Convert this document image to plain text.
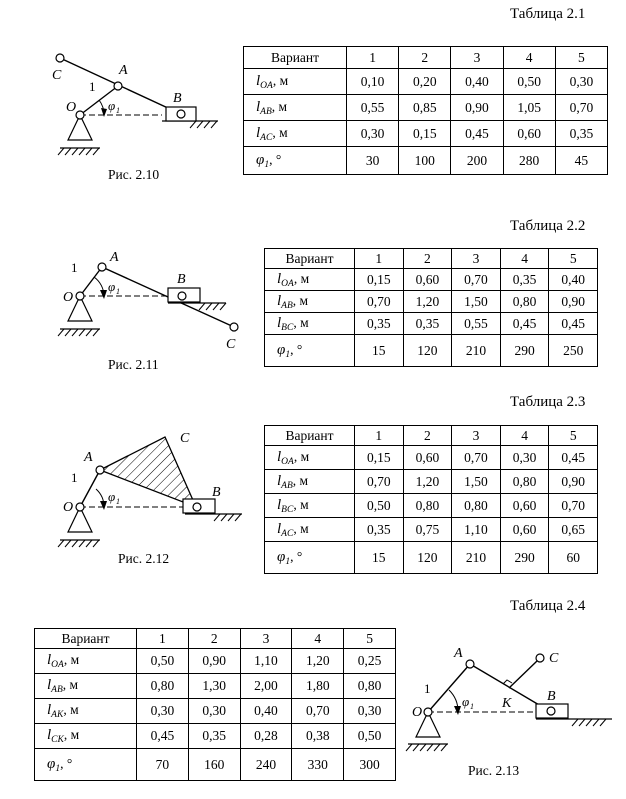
Таблица 2.1
Таблица 2.2
Таблица 2.3
Таблица 2.4
Вариант	1	2	3	4	5
$l_{OA}$, м	0,10	0,20	0,40	0,50	0,30
$l_{AB}$, м	0,55	0,85	0,90	1,05	0,70
$l_{AC}$, м	0,30	0,15	0,45	0,60	0,35
$\varphi_1$, °	30	100	200	280	45
Вариант	1	2	3	4	5
$l_{OA}$, м	0,15	0,60	0,70	0,35	0,40
$l_{AB}$, м	0,70	1,20	1,50	0,80	0,90
$l_{BC}$, м	0,35	0,35	0,55	0,45	0,45
$\varphi_1$, °	15	120	210	290	250
Вариант	1	2	3	4	5
$l_{OA}$, м	0,15	0,60	0,70	0,30	0,45
$l_{AB}$, м	0,70	1,20	1,50	0,80	0,90
$l_{BC}$, м	0,50	0,80	0,80	0,60	0,70
$l_{AC}$, м	0,35	0,75	1,10	0,60	0,65
$\varphi_1$, °	15	120	210	290	60
Вариант	1	2	3	4	5
$l_{OA}$, м	0,50	0,90	1,10	1,20	0,25
$l_{AB}$, м	0,80	1,30	2,00	1,80	0,80
$l_{AK}$, м	0,30	0,30	0,40	0,70	0,30
$l_{CK}$, м	0,45	0,35	0,28	0,38	0,50
$\varphi_1$, °	70	160	240	330	300
C	A
1
O
B
φ 1
Рис. 2.10
A
1
O
B
C
φ 1
Рис. 2.11
A
C
1
O
B
φ 1
Рис. 2.12
A	C
K
1
O
B
φ 1
Рис. 2.13
